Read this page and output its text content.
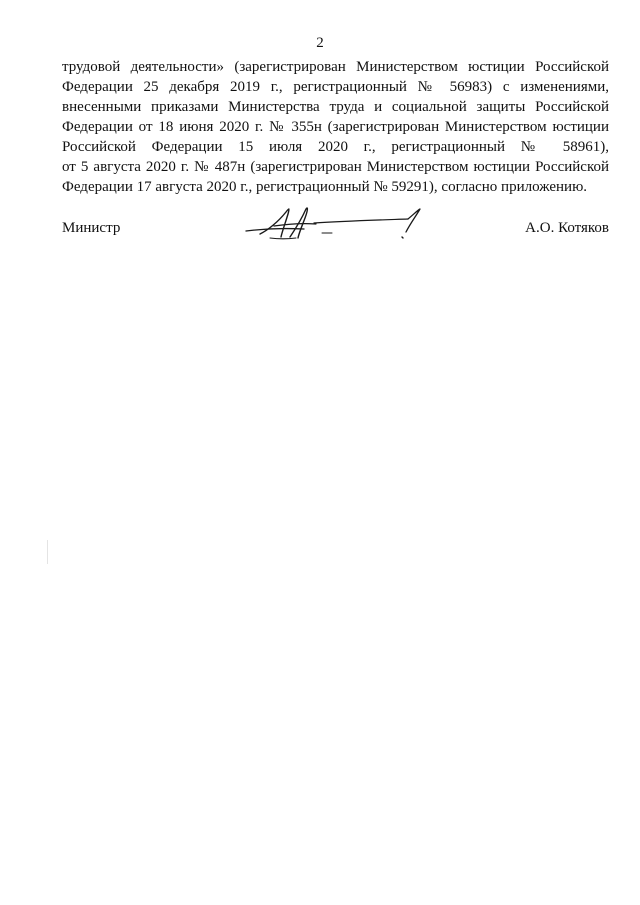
2
трудовой деятельности» (зарегистрирован Министерством юстиции Российской
Федерации 25 декабря 2019 г., регистрационный № 56983) с изменениями,
внесенными приказами Министерства труда и социальной защиты Российской
Федерации от 18 июня 2020 г. № 355н (зарегистрирован Министерством юстиции
Российской Федерации 15 июля 2020 г., регистрационный № 58961),
от 5 августа 2020 г. № 487н (зарегистрирован Министерством юстиции Российской
Федерации 17 августа 2020 г., регистрационный № 59291), согласно приложению.
Министр	А.О. Котяков
